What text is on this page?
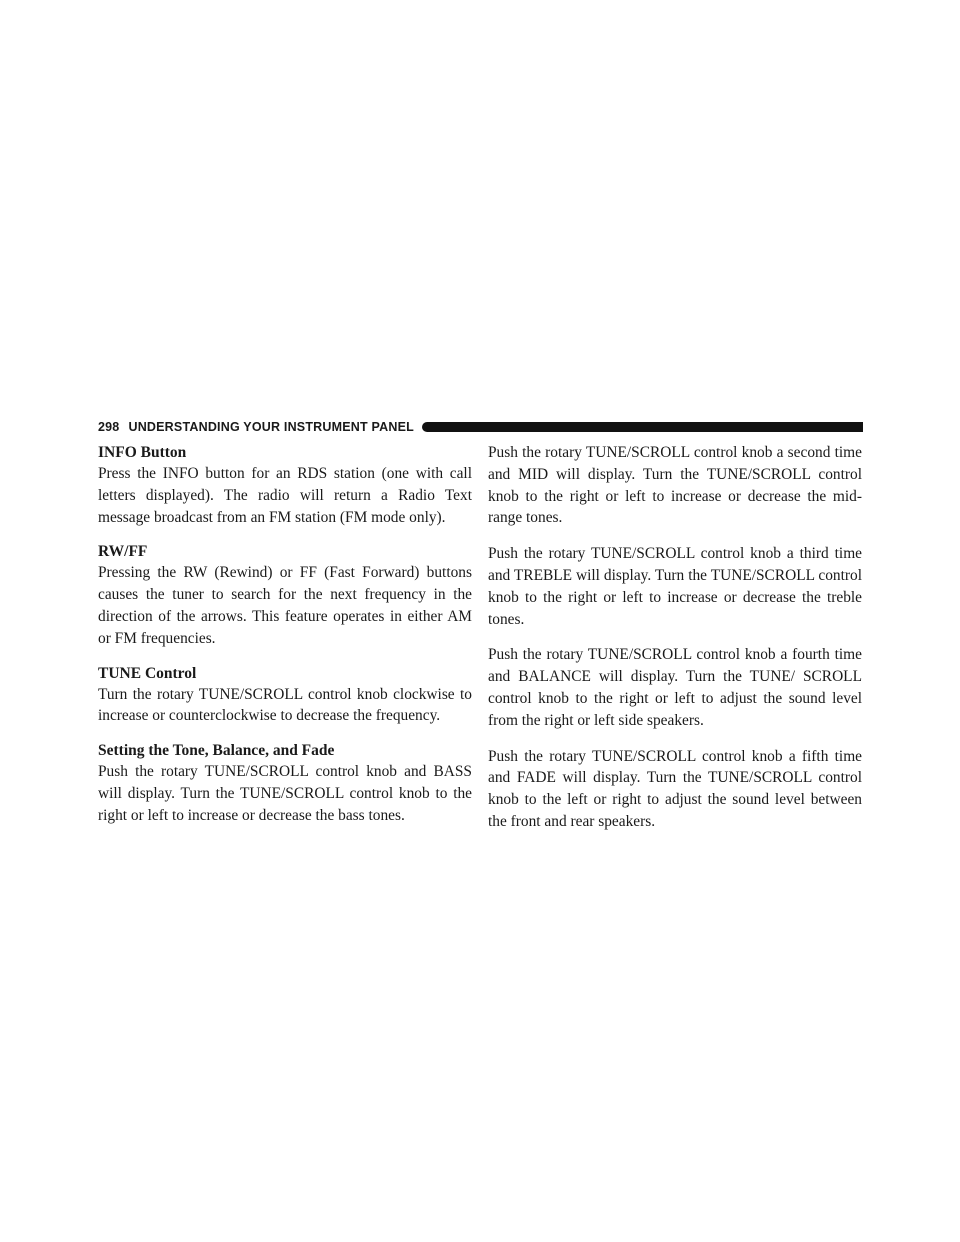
298 UNDERSTANDING YOUR INSTRUMENT PANEL
INFO Button

Press the INFO button for an RDS station (one with call letters displayed). The radio will return a Radio Text message broadcast from an FM station (FM mode only).

RW/FF

Pressing the RW (Rewind) or FF (Fast Forward) buttons causes the tuner to search for the next frequency in the direction of the arrows. This feature operates in either AM or FM frequencies.

TUNE Control

Turn the rotary TUNE/SCROLL control knob clockwise to increase or counterclockwise to decrease the frequency.

Setting the Tone, Balance, and Fade

Push the rotary TUNE/SCROLL control knob and BASS will display. Turn the TUNE/SCROLL control knob to the right or left to increase or decrease the bass tones.

Push the rotary TUNE/SCROLL control knob a second time and MID will display. Turn the TUNE/SCROLL control knob to the right or left to increase or decrease the mid-range tones.

Push the rotary TUNE/SCROLL control knob a third time and TREBLE will display. Turn the TUNE/SCROLL control knob to the right or left to increase or decrease the treble tones.

Push the rotary TUNE/SCROLL control knob a fourth time and BALANCE will display. Turn the TUNE/ SCROLL control knob to the right or left to adjust the sound level from the right or left side speakers.

Push the rotary TUNE/SCROLL control knob a fifth time and FADE will display. Turn the TUNE/SCROLL control knob to the left or right to adjust the sound level between the front and rear speakers.
